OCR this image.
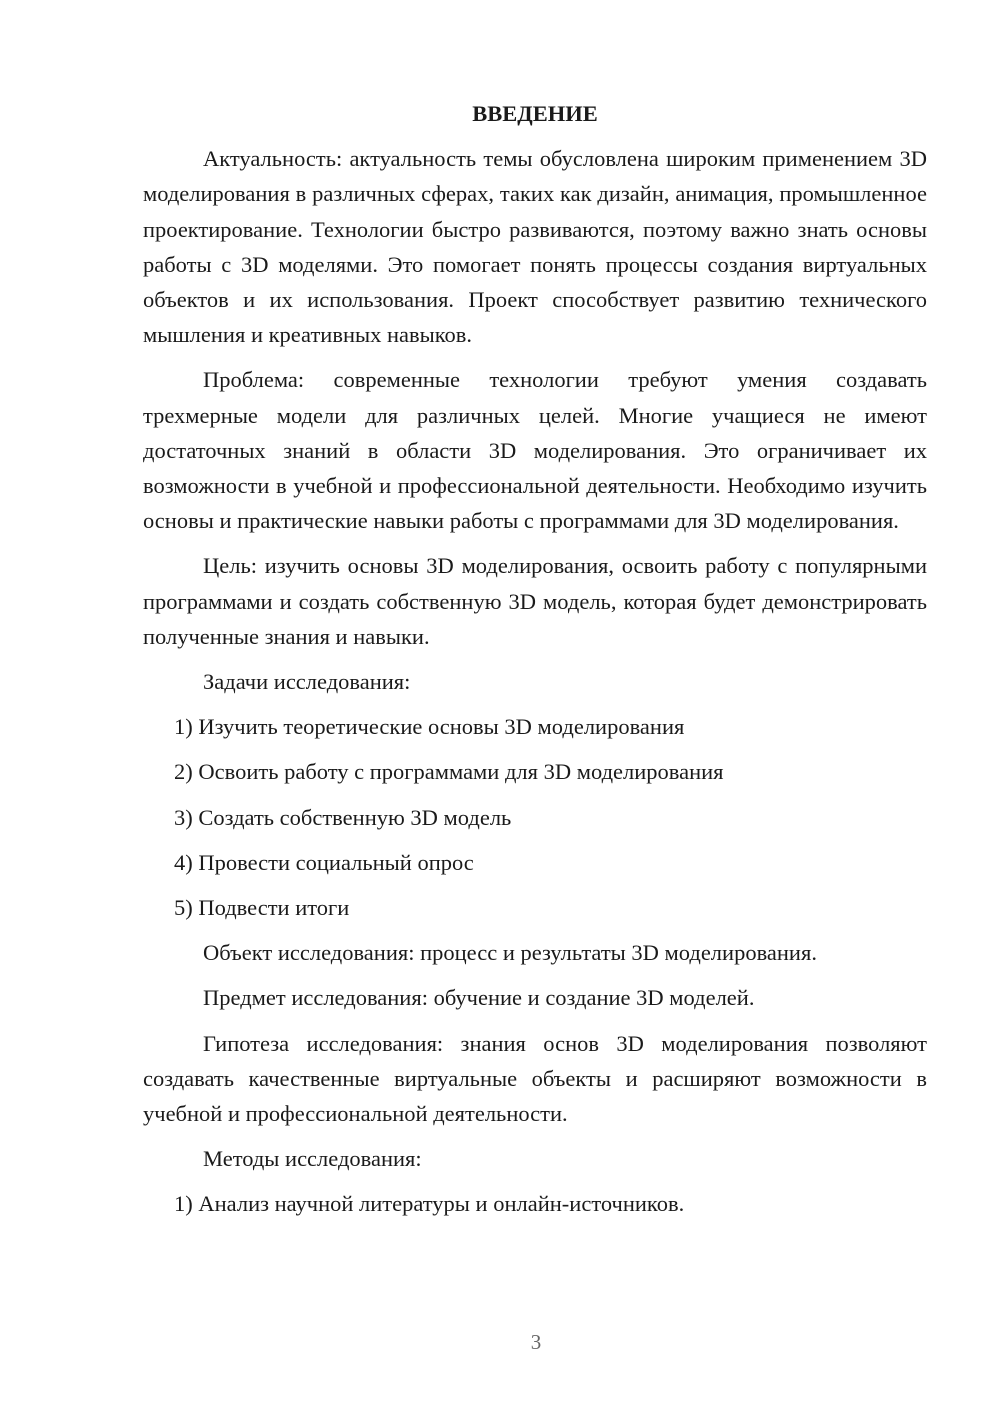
ВВЕДЕНИЕ
Актуальность: актуальность темы обусловлена широким применением 3D моделирования в различных сферах, таких как дизайн, анимация, промышленное проектирование. Технологии быстро развиваются, поэтому важно знать основы работы с 3D моделями. Это помогает понять процессы создания виртуальных объектов и их использования. Проект способствует развитию технического мышления и креативных навыков.
Проблема: современные технологии требуют умения создавать трехмерные модели для различных целей. Многие учащиеся не имеют достаточных знаний в области 3D моделирования. Это ограничивает их возможности в учебной и профессиональной деятельности. Необходимо изучить основы и практические навыки работы с программами для 3D моделирования.
Цель: изучить основы 3D моделирования, освоить работу с популярными программами и создать собственную 3D модель, которая будет демонстрировать полученные знания и навыки.
Задачи исследования:
1) Изучить теоретические основы 3D моделирования
2) Освоить работу с программами для 3D моделирования
3) Создать собственную 3D модель
4) Провести социальный опрос
5) Подвести итоги
Объект исследования: процесс и результаты 3D моделирования.
Предмет исследования: обучение и создание 3D моделей.
Гипотеза исследования: знания основ 3D моделирования позволяют создавать качественные виртуальные объекты и расширяют возможности в учебной и профессиональной деятельности.
Методы исследования:
1) Анализ научной литературы и онлайн-источников.
3
